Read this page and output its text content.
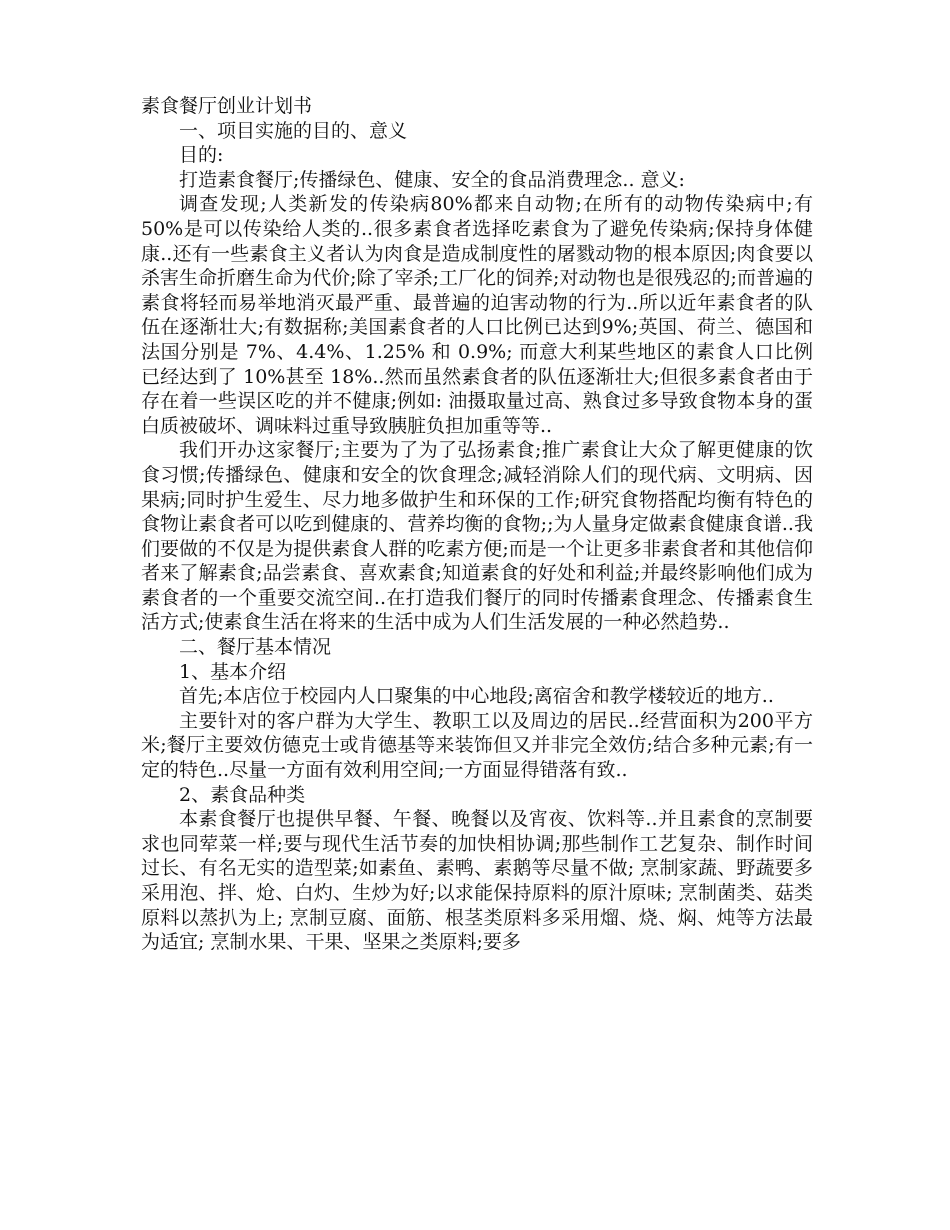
素食餐厅创业计划书

一、项目实施的目的、意义

目的:

打造素食餐厅;传播绿色、健康、安全的食品消费理念.. 意义:

调查发现;人类新发的传染病80%都来自动物;在所有的动物传染病中;有50%是可以传染给人类的..很多素食者选择吃素食为了避免传染病;保持身体健康..还有一些素食主义者认为肉食是造成制度性的屠戮动物的根本原因;肉食要以杀害生命折磨生命为代价;除了宰杀;工厂化的饲养;对动物也是很残忍的;而普遍的素食将轻而易举地消灭最严重、最普遍的迫害动物的行为..所以近年素食者的队伍在逐渐壮大;有数据称;美国素食者的人口比例已达到9%;英国、荷兰、德国和法国分别是 7%、4.4%、1.25% 和 0.9%; 而意大利某些地区的素食人口比例已经达到了 10%甚至 18%..然而虽然素食者的队伍逐渐壮大;但很多素食者由于存在着一些误区吃的并不健康;例如: 油摄取量过高、熟食过多导致食物本身的蛋白质被破坏、调味料过重导致胰脏负担加重等等..

我们开办这家餐厅;主要为了为了弘扬素食;推广素食让大众了解更健康的饮食习惯;传播绿色、健康和安全的饮食理念;减轻消除人们的现代病、文明病、因果病;同时护生爱生、尽力地多做护生和环保的工作;研究食物搭配均衡有特色的食物让素食者可以吃到健康的、营养均衡的食物;;为人量身定做素食健康食谱..我们要做的不仅是为提供素食人群的吃素方便;而是一个让更多非素食者和其他信仰者来了解素食;品尝素食、喜欢素食;知道素食的好处和利益;并最终影响他们成为素食者的一个重要交流空间..在打造我们餐厅的同时传播素食理念、传播素食生活方式;使素食生活在将来的生活中成为人们生活发展的一种必然趋势..

二、餐厅基本情况

1、基本介绍

首先;本店位于校园内人口聚集的中心地段;离宿舍和教学楼较近的地方..

主要针对的客户群为大学生、教职工以及周边的居民..经营面积为200平方米;餐厅主要效仿德克士或肯德基等来装饰但又并非完全效仿;结合多种元素;有一定的特色..尽量一方面有效利用空间;一方面显得错落有致..

2、素食品种类

本素食餐厅也提供早餐、午餐、晚餐以及宵夜、饮料等..并且素食的烹制要求也同荤菜一样;要与现代生活节奏的加快相协调;那些制作工艺复杂、制作时间过长、有名无实的造型菜;如素鱼、素鸭、素鹅等尽量不做; 烹制家蔬、野蔬要多采用泡、拌、炝、白灼、生炒为好;以求能保持原料的原汁原味; 烹制菌类、菇类原料以蒸扒为上; 烹制豆腐、面筋、根茎类原料多采用熘、烧、焖、炖等方法最为适宜; 烹制水果、干果、坚果之类原料;要多
